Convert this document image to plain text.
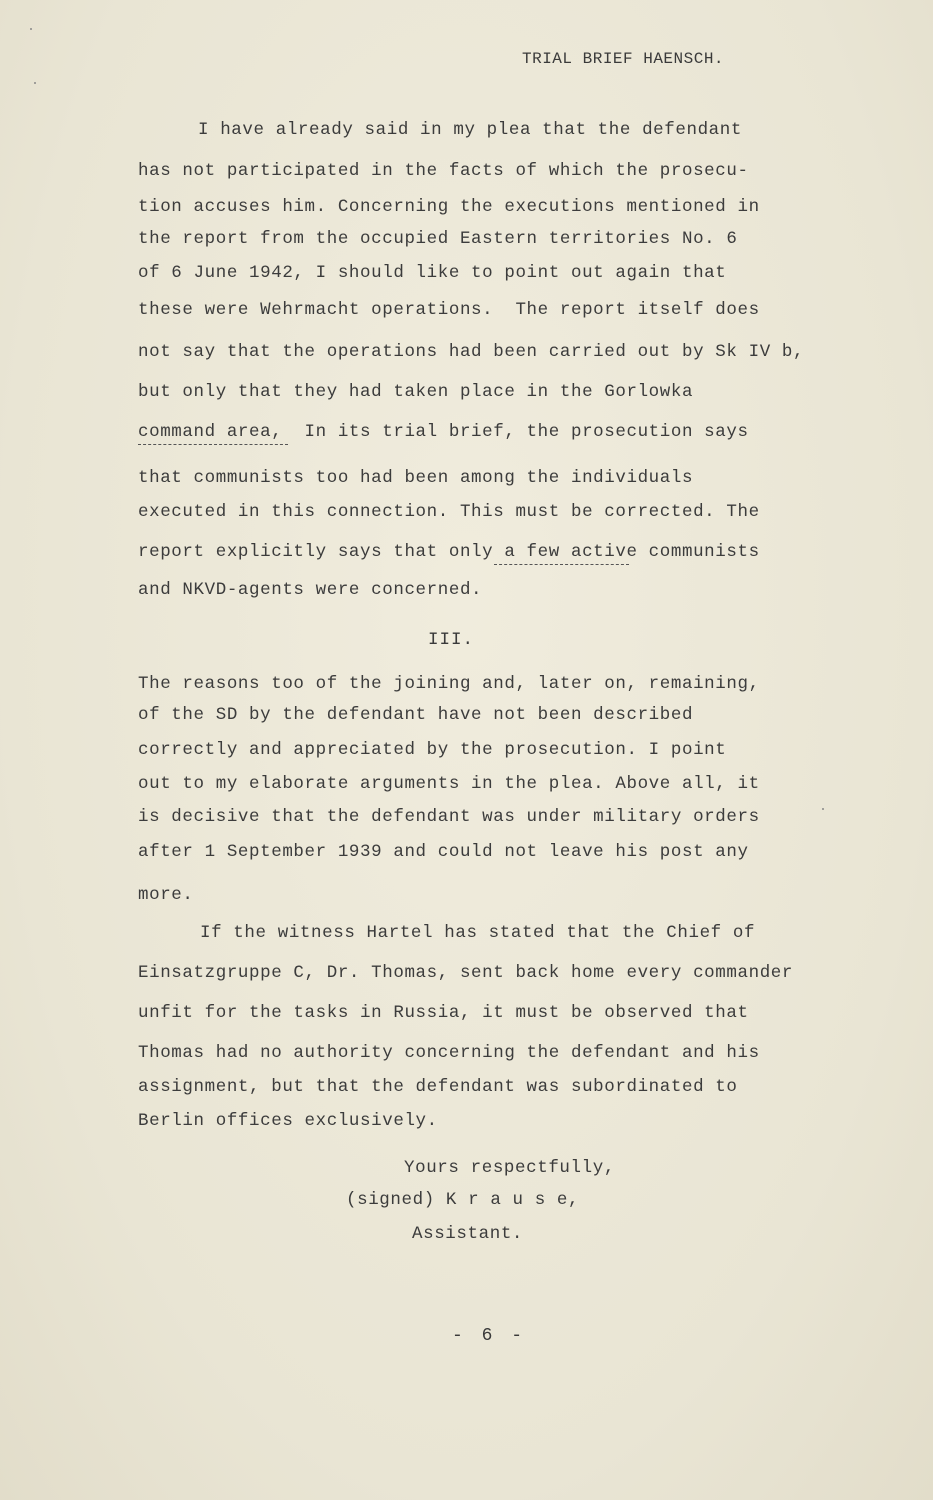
TRIAL BRIEF HAENSCH.
I have already said in my plea that the defendant
has not participated in the facts of which the prosecu-
tion accuses him. Concerning the executions mentioned in
the report from the occupied Eastern territories No. 6
of 6 June 1942, I should like to point out again that
these were Wehrmacht operations.  The report itself does
not say that the operations had been carried out by Sk IV b,
but only that they had taken place in the Gorlowka
command area,  In its trial brief, the prosecution says
that communists too had been among the individuals
executed in this connection. This must be corrected. The
report explicitly says that only a few active communists
and NKVD-agents were concerned.
III.
The reasons too of the joining and, later on, remaining,
of the SD by the defendant have not been described
correctly and appreciated by the prosecution. I point
out to my elaborate arguments in the plea. Above all, it
is decisive that the defendant was under military orders
after 1 September 1939 and could not leave his post any
more.
If the witness Hartel has stated that the Chief of
Einsatzgruppe C, Dr. Thomas, sent back home every commander
unfit for the tasks in Russia, it must be observed that
Thomas had no authority concerning the defendant and his
assignment, but that the defendant was subordinated to
Berlin offices exclusively.
Yours respectfully,
(signed) K r a u s e,
Assistant.
- 6 -
